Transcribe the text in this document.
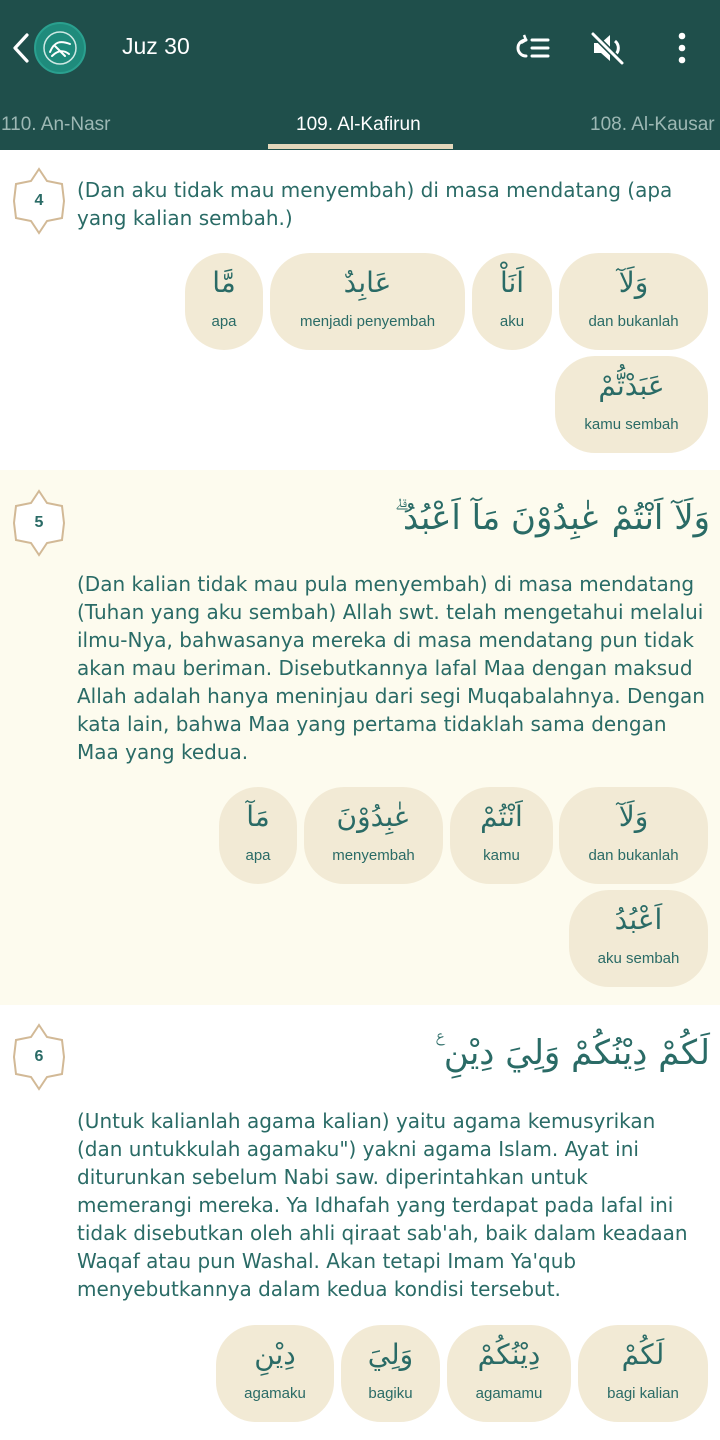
Juz 30
110. An-Nasr	109. Al-Kafirun	108. Al-Kausar
4	(Dan aku tidak mau menyembah) di masa mendatang (apa yang kalian sembah.)
وَلَآ
dan bukanlah
اَنَاْ
aku
عَابِدٌ
menjadi penyembah
مَّا
apa
عَبَدْتُّمْ
kamu sembah
5	وَلَآ اَنْتُمْ عٰبِدُوْنَ مَآ اَعْبُدُ ۗ
(Dan kalian tidak mau pula menyembah) di masa mendatang (Tuhan yang aku sembah) Allah swt. telah mengetahui melalui ilmu-Nya, bahwasanya mereka di masa mendatang pun tidak akan mau beriman. Disebutkannya lafal Maa dengan maksud Allah adalah hanya meninjau dari segi Muqabalahnya. Dengan kata lain, bahwa Maa yang pertama tidaklah sama dengan Maa yang kedua.
وَلَآ
dan bukanlah
اَنْتُمْ
kamu
عٰبِدُوْنَ
menyembah
مَآ
apa
اَعْبُدُ
aku sembah
6	لَكُمْ دِيْنُكُمْ وَلِيَ دِيْنِ ࣖ
(Untuk kalianlah agama kalian) yaitu agama kemusyrikan (dan untukkulah agamaku") yakni agama Islam. Ayat ini diturunkan sebelum Nabi saw. diperintahkan untuk memerangi mereka. Ya Idhafah yang terdapat pada lafal ini tidak disebutkan oleh ahli qiraat sab'ah, baik dalam keadaan Waqaf atau pun Washal. Akan tetapi Imam Ya'qub menyebutkannya dalam kedua kondisi tersebut.
لَكُمْ
bagi kalian
دِيْنُكُمْ
agamamu
وَلِيَ
bagiku
دِيْنِ
agamaku
